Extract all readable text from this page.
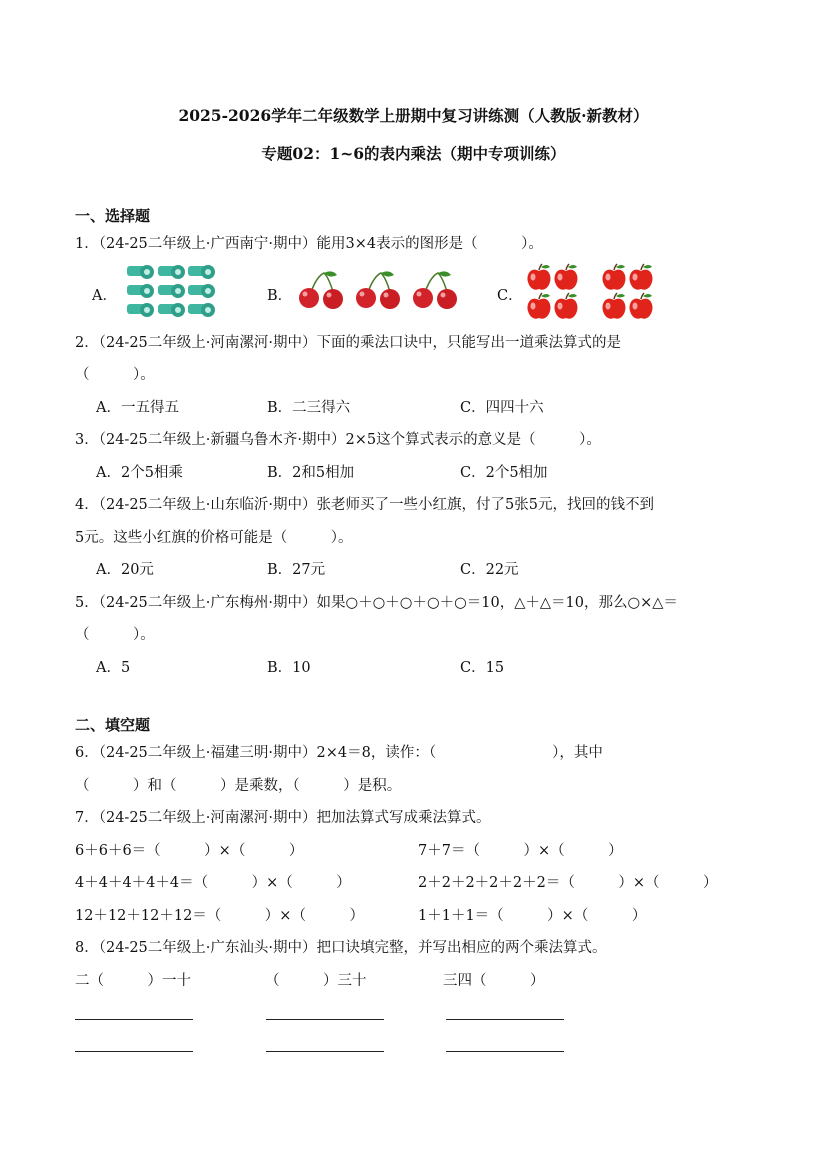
2025-2026学年二年级数学上册期中复习讲练测（人教版·新教材）
专题02：1~6的表内乘法（期中专项训练）
一、选择题
1．（24-25二年级上·广西南宁·期中）能用3×4表示的图形是（　　　）。
A．	B．	C．
2．（24-25二年级上·河南漯河·期中）下面的乘法口诀中，只能写出一道乘法算式的是
（　　　）。
A．一五得五	B．二三得六	C．四四十六
3．（24-25二年级上·新疆乌鲁木齐·期中）2×5这个算式表示的意义是（　　　）。
A．2个5相乘	B．2和5相加	C．2个5相加
4．（24-25二年级上·山东临沂·期中）张老师买了一些小红旗，付了5张5元，找回的钱不到
5元。这些小红旗的价格可能是（　　　）。
A．20元	B．27元	C．22元
5．（24-25二年级上·广东梅州·期中）如果○＋○＋○＋○＋○＝10，△＋△＝10，那么○×△＝
（　　　）。
A．5	B．10	C．15
二、填空题
6．（24-25二年级上·福建三明·期中）2×4＝8，读作：（　　　　　　　　），其中
（　　　）和（　　　）是乘数，（　　　）是积。
7．（24-25二年级上·河南漯河·期中）把加法算式写成乘法算式。
6＋6＋6＝（　　　）×（　　　）	7＋7＝（　　　）×（　　　）
4＋4＋4＋4＋4＝（　　　）×（　　　）	2＋2＋2＋2＋2＋2＝（　　　）×（　　　）
12＋12＋12＋12＝（　　　）×（　　　）	1＋1＋1＝（　　　）×（　　　）
8．（24-25二年级上·广东汕头·期中）把口诀填完整，并写出相应的两个乘法算式。
二（　　　）一十	（　　　）三十	三四（　　　）
